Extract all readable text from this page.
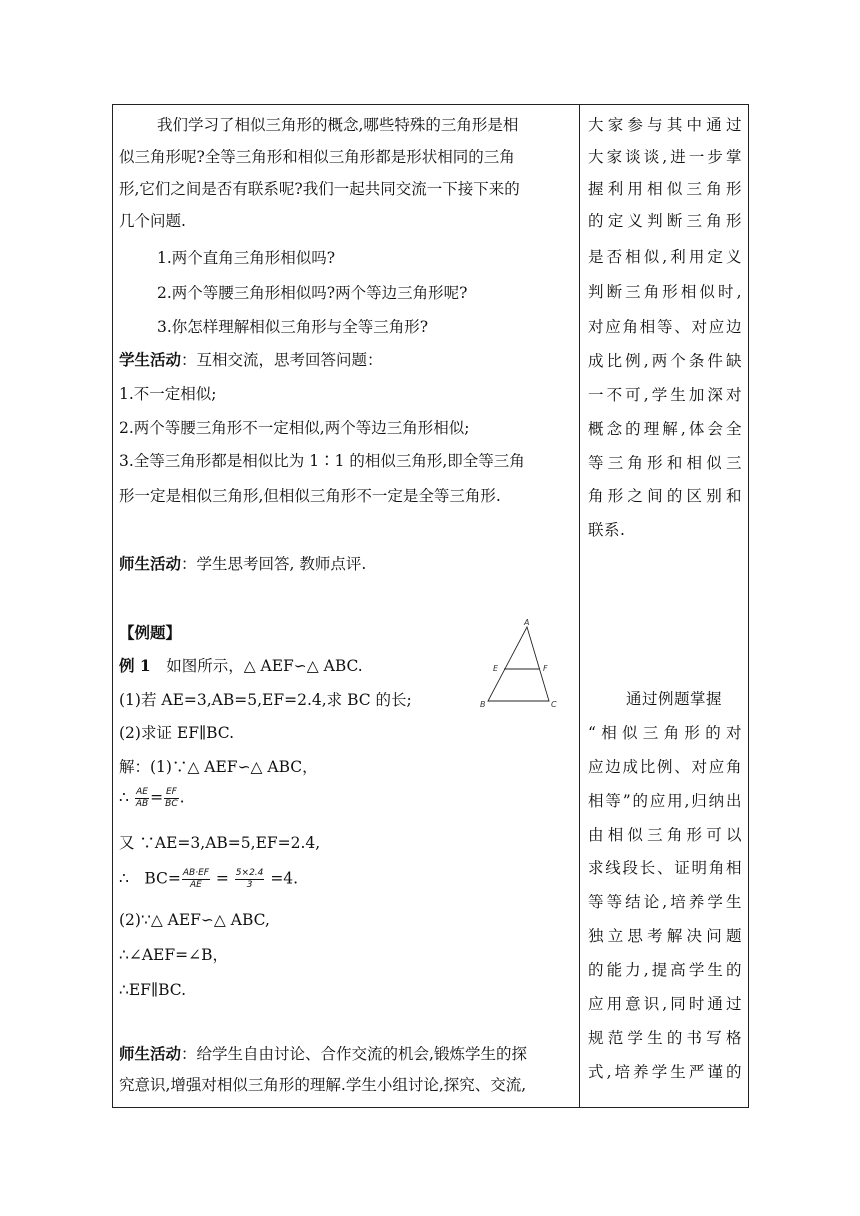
我们学习了相似三角形的概念,哪些特殊的三角形是相
似三角形呢?全等三角形和相似三角形都是形状相同的三角
形,它们之间是否有联系呢?我们一起共同交流一下接下来的
几个问题.
1.两个直角三角形相似吗?
2.两个等腰三角形相似吗?两个等边三角形呢?
3.你怎样理解相似三角形与全等三角形?
学生活动：互相交流，思考回答问题：
1.不一定相似;
2.两个等腰三角形不一定相似,两个等边三角形相似;
3.全等三角形都是相似比为 1∶1 的相似三角形,即全等三角
形一定是相似三角形,但相似三角形不一定是全等三角形.
师生活动：学生思考回答, 教师点评.
【例题】
例 1　如图所示，△ AEF∽△ ABC.
(1)若 AE=3,AB=5,EF=2.4,求 BC 的长;
(2)求证 EF∥BC.
解：(1)∵△ AEF∽△ ABC，
∴ $\frac{AE}{AB} = \frac{EF}{BC}$ .
又 ∵AE=3,AB=5,EF=2.4,
∴　$BC= \frac{AB\cdot EF}{AE} = \frac{5\times 2.4}{3} =4$.
(2)∵△ AEF∽△ ABC,
∴∠AEF=∠B，
∴EF∥BC.
师生活动：给学生自由讨论、合作交流的机会,锻炼学生的探
究意识,增强对相似三角形的理解.学生小组讨论,探究、交流,
A
B	C
E	F
大家参与其中通过
大家谈谈,进一步掌
握利用相似三角形
的定义判断三角形
是否相似,利用定义
判断三角形相似时,
对应角相等、对应边
成比例,两个条件缺
一不可,学生加深对
概念的理解,体会全
等三角形和相似三
角形之间的区别和
联系.
通过例题掌握
“相似三角形的对
应边成比例、对应角
相等”的应用,归纳出
由相似三角形可以
求线段长、证明角相
等等结论,培养学生
独立思考解决问题
的能力,提高学生的
应用意识,同时通过
规范学生的书写格
式,培养学生严谨的
